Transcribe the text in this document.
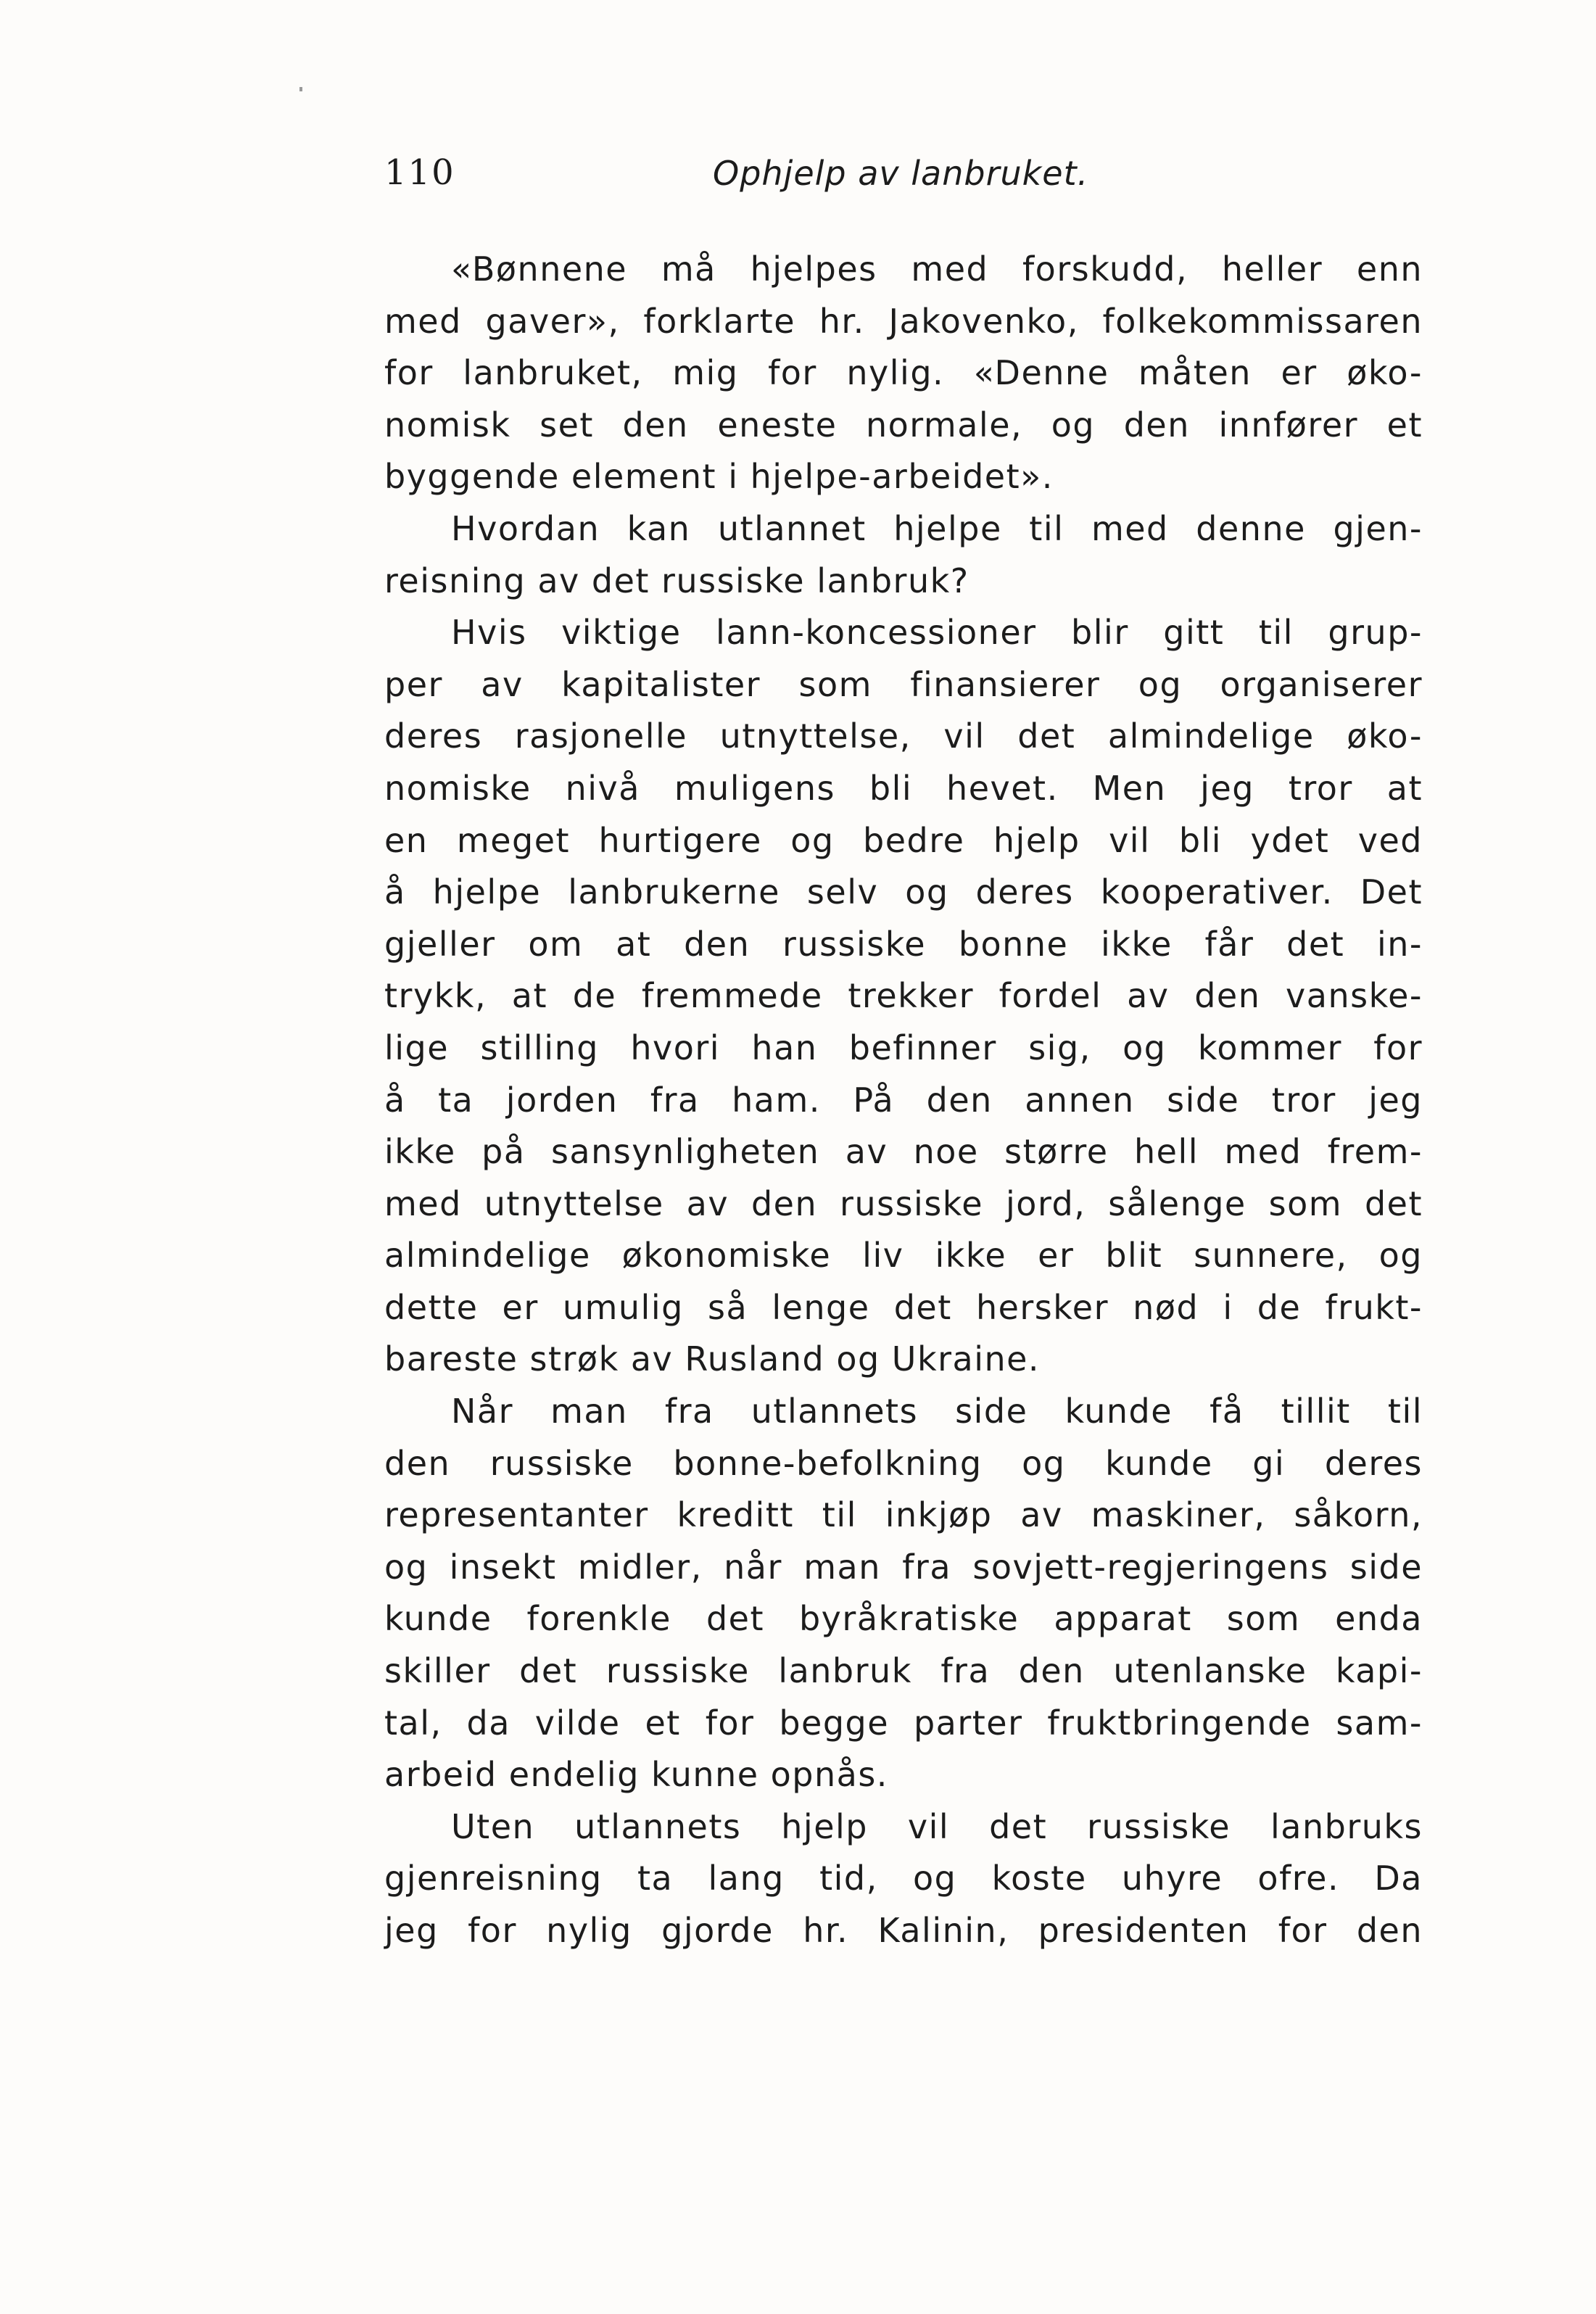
110	Ophjelp av lanbruket.

«Bønnene må hjelpes med forskudd, heller enn
med gaver», forklarte hr. Jakovenko, folkekommissaren
for lanbruket, mig for nylig. «Denne måten er øko-
nomisk set den eneste normale, og den innfører et
byggende element i hjelpe-arbeidet».

Hvordan kan utlannet hjelpe til med denne gjen-
reisning av det russiske lanbruk?

Hvis viktige lann-koncessioner blir gitt til grup-
per av kapitalister som finansierer og organiserer
deres rasjonelle utnyttelse, vil det almindelige øko-
nomiske nivå muligens bli hevet. Men jeg tror at
en meget hurtigere og bedre hjelp vil bli ydet ved
å hjelpe lanbrukerne selv og deres kooperativer. Det
gjeller om at den russiske bonne ikke får det in-
trykk, at de fremmede trekker fordel av den vanske-
lige stilling hvori han befinner sig, og kommer for
å ta jorden fra ham. På den annen side tror jeg
ikke på sansynligheten av noe større hell med frem-
med utnyttelse av den russiske jord, sålenge som det
almindelige økonomiske liv ikke er blit sunnere, og
dette er umulig så lenge det hersker nød i de frukt-
bareste strøk av Rusland og Ukraine.

Når man fra utlannets side kunde få tillit til
den russiske bonne-befolkning og kunde gi deres
representanter kreditt til inkjøp av maskiner, såkorn,
og insekt midler, når man fra sovjett-regjeringens side
kunde forenkle det byråkratiske apparat som enda
skiller det russiske lanbruk fra den utenlanske kapi-
tal, da vilde et for begge parter fruktbringende sam-
arbeid endelig kunne opnås.

Uten utlannets hjelp vil det russiske lanbruks
gjenreisning ta lang tid, og koste uhyre ofre. Da
jeg for nylig gjorde hr. Kalinin, presidenten for den
